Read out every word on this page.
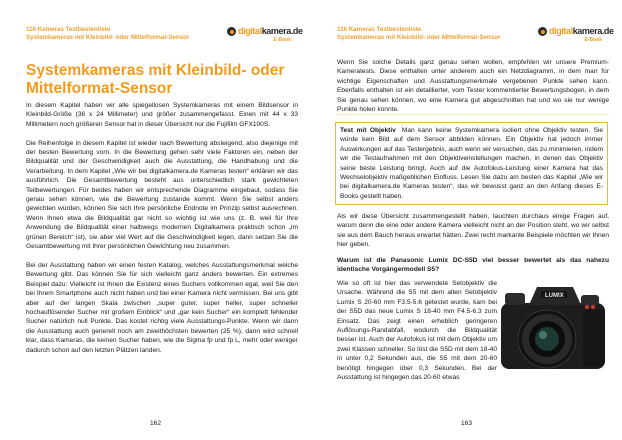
116 Kameras Testbestenliste
Systemkameras mit Kleinbild- oder Mittelformat-Sensor
digitalkamera.de
E-Book
Systemkameras mit Kleinbild- oder Mittelformat-Sensor

In diesem Kapitel haben wir alle spiegellosen Systemkameras mit einem Bildsensor in Kleinbild-Größe (36 x 24 Millimeter) und größer zusammengefasst. Einen mit 44 x 33 Millimetern noch größeren Sensor hat in dieser Übersicht nur die Fujifilm GFX100S.

Die Reihenfolge in diesem Kapitel ist wieder nach Bewertung absteigend, also diejenige mit der besten Bewertung vorn. In die Bewertung gehen sehr viele Faktoren ein, neben der Bildqualität und der Geschwindigkeit auch die Ausstattung, die Handhabung und die Verarbeitung. In dem Kapitel „Wie wir bei digitalkamera.de Kameras testen“ erklären wir das ausführlich. Die Gesamtbewertung besteht aus unterschiedlich stark gewichteten Teilbewertungen. Für beides haben wir entsprechende Diagramme eingebaut, sodass Sie genau sehen können, wie die Bewertung zustande kommt. Wenn Sie selbst anders gewichten würden, können Sie sich Ihre persönliche Endnote im Prinzip selbst ausrechnen. Wenn Ihnen etwa die Bildqualität gar nicht so wichtig ist wie uns (z. B. weil für Ihre Anwendung die Bildqualität einer halbwegs modernen Digitalkamera praktisch schon „im grünen Bereich“ ist), sie aber viel Wert auf die Geschwindigkeit legen, dann setzen Sie die Gesamtbewertung mit Ihrer persönlichen Gewichtung neu zusammen.

Bei der Ausstattung haben wir einen festen Katalog, welches Ausstattungsmerkmal welche Bewertung gibt. Das können Sie für sich vielleicht ganz anders bewerten. Ein extremes Beispiel dazu: Vielleicht ist Ihnen die Existenz eines Suchers vollkommen egal, weil Sie den bei Ihrem Smartphone auch nicht haben und bei einer Kamera nicht vermissen. Bei uns gibt aber auf der langen Skala zwischen „super guter, super heller, super schneller hochauflösender Sucher mit großem Einblick“ und „gar kein Sucher“ ein komplett fehlender Sucher natürlich null Punkte. Das kostet richtig viele Ausstattungs-Punkte. Wenn wir dann die Ausstattung auch generell noch am zweithöchsten bewerten (25 %), dann wird schnell klar, dass Kameras, die keinen Sucher haben, wie die Sigma fp und fp L, mehr oder weniger dadurch schon auf den letzten Plätzen landen.

162
116 Kameras Testbestenliste
Systemkameras mit Kleinbild- oder Mittelformat-Sensor
digitalkamera.de
E-Book

Wenn Sie solche Details ganz genau sehen wollen, empfehlen wir unsere Premium-Kameratests. Diese enthalten unter anderem auch ein Netzdiagramm, in dem man für wichtige Eigenschaften und Ausstattungsmerkmale vergebenen Punkte sehen kann. Ebenfalls enthalten ist ein detaillierter, vom Tester kommentierter Bewertungsbogen, in dem Sie genau sehen können, wo eine Kamera gut abgeschnitten hat und wo sie nur wenige Punkte holen konnte.

Test mit Objektiv Man kann keine Systemkamera isoliert ohne Objektiv testen. Sie würde kein Bild auf dem Sensor abbilden können. Ein Objektiv hat jedoch immer Auswirkungen auf das Testergebnis, auch wenn wir versuchen, das zu minimieren, indem wir die Testaufnahmen mit den Objektiveinstellungen machen, in denen das Objektiv seine beste Leistung bringt. Auch auf die Autofokus-Leistung einer Kamera hat das Wechselobjektiv maßgeblichen Einfluss. Lesen Sie dazu am besten das Kapitel „Wie wir bei digitalkamera.de Kameras testen“, das wir bewusst ganz an den Anfang dieses E-Books gestellt haben.

Als wir diese Übersicht zusammengestellt haben, tauchten durchaus einige Fragen auf, warum denn die eine oder andere Kamera vielleicht nicht an der Position steht, wo wir selbst sie aus dem Bauch heraus erwartet hätten. Zwei recht markante Beispiele möchten wir Ihnen hier geben.

Warum ist die Panasonic Lumix DC-S5D viel besser bewertet als das nahezu identische Vorgängermodell S5?

Wie so oft ist hier das verwendete Setobjektiv die Ursache. Während die S5 mit dem alten Setobjektiv Lumix S 20-60 mm F3.5-5.6 getestet wurde, kam bei der S5D das neue Lumix S 18-40 mm F4.5-6.3 zum Einsatz. Das zeigt einen erheblich geringeren Auflösungs-Randabfall, wodurch die Bildqualität besser ist. Auch der Autofokus ist mit dem Objektiv um zwei Klassen schneller. So löst die S5D mit dem 18-40 in unter 0,2 Sekunden aus, die S5 mit dem 20-60 benötigt hingegen über 0,3 Sekunden. Bei der Ausstattung ist hingegen das 20-60 etwas

LUMIX
163
